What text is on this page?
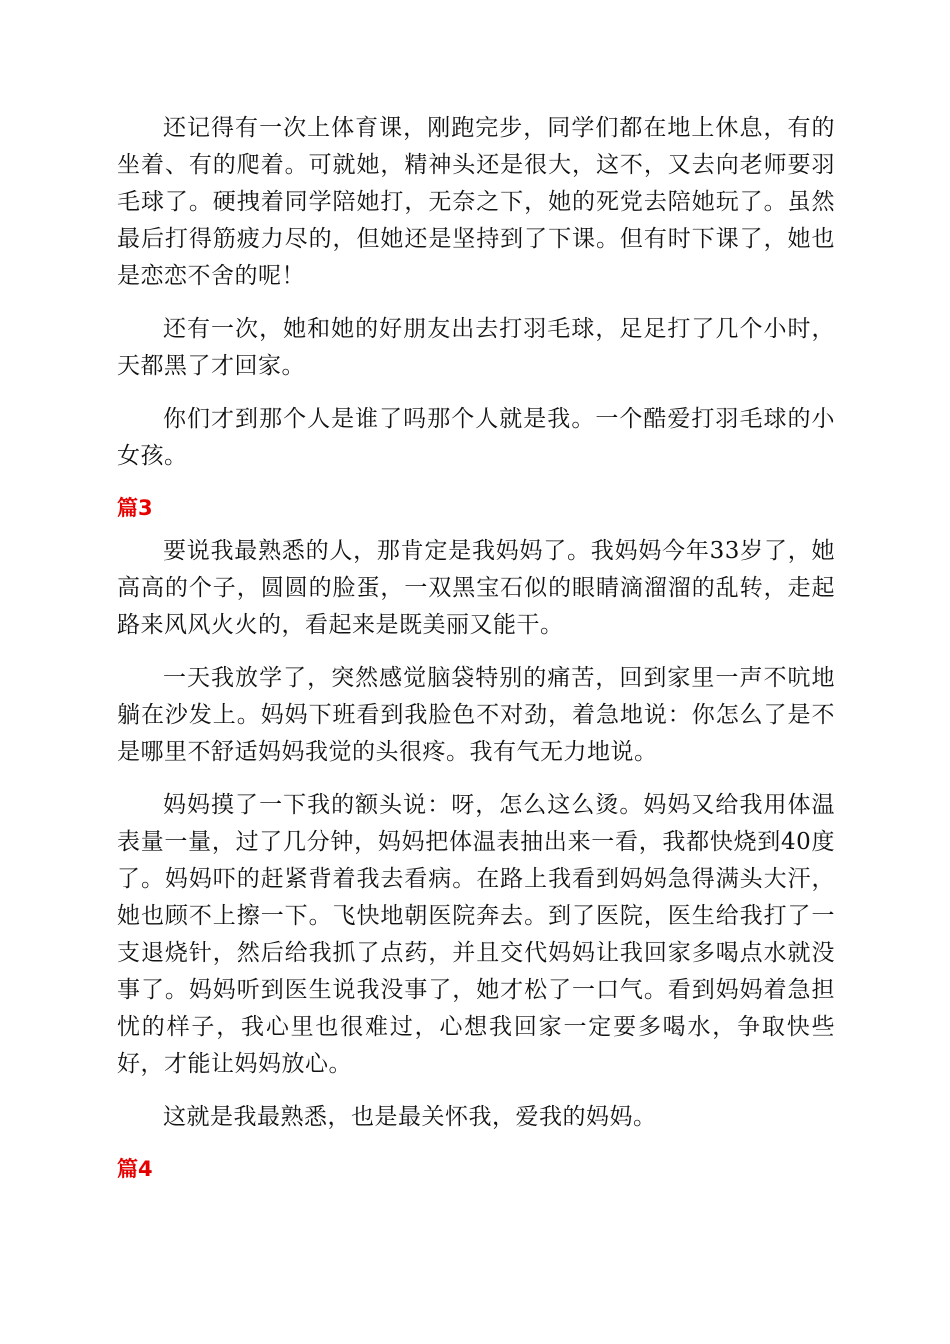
还记得有一次上体育课，刚跑完步，同学们都在地上休息，有的坐着、有的爬着。可就她，精神头还是很大，这不，又去向老师要羽毛球了。硬拽着同学陪她打，无奈之下，她的死党去陪她玩了。虽然最后打得筋疲力尽的，但她还是坚持到了下课。但有时下课了，她也是恋恋不舍的呢！

还有一次，她和她的好朋友出去打羽毛球，足足打了几个小时，天都黑了才回家。

你们才到那个人是谁了吗那个人就是我。一个酷爱打羽毛球的小女孩。

篇3

要说我最熟悉的人，那肯定是我妈妈了。我妈妈今年33岁了，她高高的个子，圆圆的脸蛋，一双黑宝石似的眼睛滴溜溜的乱转，走起路来风风火火的，看起来是既美丽又能干。

一天我放学了，突然感觉脑袋特别的痛苦，回到家里一声不吭地躺在沙发上。妈妈下班看到我脸色不对劲，着急地说：你怎么了是不是哪里不舒适妈妈我觉的头很疼。我有气无力地说。

妈妈摸了一下我的额头说：呀，怎么这么烫。妈妈又给我用体温表量一量，过了几分钟，妈妈把体温表抽出来一看，我都快烧到40度了。妈妈吓的赶紧背着我去看病。在路上我看到妈妈急得满头大汗，她也顾不上擦一下。飞快地朝医院奔去。到了医院，医生给我打了一支退烧针，然后给我抓了点药，并且交代妈妈让我回家多喝点水就没事了。妈妈听到医生说我没事了，她才松了一口气。看到妈妈着急担忧的样子，我心里也很难过，心想我回家一定要多喝水，争取快些好，才能让妈妈放心。

这就是我最熟悉，也是最关怀我，爱我的妈妈。

篇4
